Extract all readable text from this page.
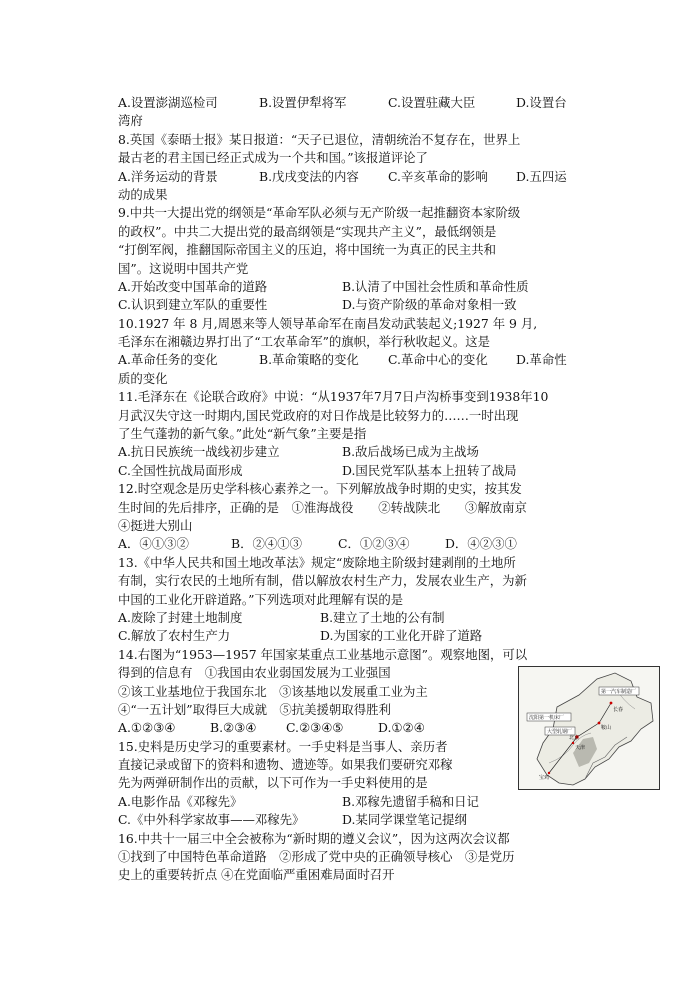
A.设置澎湖巡检司	B.设置伊犁将军	C.设置驻藏大臣	D.设置台
湾府
8.英国《泰晤士报》某日报道：“天子已退位，清朝统治不复存在，世界上
最古老的君主国已经正式成为一个共和国。”该报道评论了
A.洋务运动的背景	B.戊戌变法的内容 C.辛亥革命的影响 D.五四运
动的成果
9.中共一大提出党的纲领是“革命军队必须与无产阶级一起推翻资本家阶级
的政权”。中共二大提出党的最高纲领是“实现共产主义”，最低纲领是
“打倒军阀，推翻国际帝国主义的压迫，将中国统一为真正的民主共和
国”。这说明中国共产党
A.开始改变中国革命的道路	B.认清了中国社会性质和革命性质
C.认识到建立军队的重要性	D.与资产阶级的革命对象相一致
10.1927 年 8 月,周恩来等人领导革命军在南昌发动武装起义;1927 年 9 月,
毛泽东在湘赣边界打出了“工农革命军”的旗帜，举行秋收起义。这是
A.革命任务的变化	B.革命策略的变化 C.革命中心的变化 D.革命性
质的变化
11.毛泽东在《论联合政府》中说：“从1937年7月7日卢沟桥事变到1938年10
月武汉失守这一时期内,国民党政府的对日作战是比较努力的……一时出现
了生气蓬勃的新气象。”此处“新气象”主要是指
A.抗日民族统一战线初步建立	B.敌后战场已成为主战场
C.全国性抗战局面形成	D.国民党军队基本上扭转了战局
12.时空观念是历史学科核心素养之一。下列解放战争时期的史实，按其发
生时间的先后排序，正确的是　①淮海战役　　②转战陕北　　③解放南京
④挺进大别山
A．④①③②	B．②④①③	C．①②③④	D．④②③①
13.《中华人民共和国土地改革法》规定“废除地主阶级封建剥削的土地所
有制，实行农民的土地所有制，借以解放农村生产力，发展农业生产，为新
中国的工业化开辟道路。”下列选项对此理解有误的是
A.废除了封建土地制度	B.建立了土地的公有制
C.解放了农村生产力	D.为国家的工业化开辟了道路
14.右图为“1953—1957 年国家某重点工业基地示意图”。观察地图，可以
得到的信息有　①我国由农业弱国发展为工业强国
②该工业基地位于我国东北　③该基地以发展重工业为主
④“一五计划”取得巨大成就　⑤抗美援朝取得胜利
A.①②③④	B.②③④ C.②③④⑤	D.①②④
15.史料是历史学习的重要素材。一手史料是当事人、亲历者
直接记录或留下的资料和遗物、遗迹等。如果我们要研究邓稼
先为两弹研制作出的贡献，以下可作为一手史料使用的是
A.电影作品《邓稼先》	B.邓稼先遗留手稿和日记
C.《中外科学家故事——邓稼先》	D.某同学课堂笔记提纲
16.中共十一届三中全会被称为“新时期的遵义会议”，因为这两次会议都
①找到了中国特色革命道路　②形成了党中央的正确领导核心　③是党历
史上的重要转折点 ④在党面临严重困难局面时召开
第一汽车制造厂
沈阳第一机床厂
长春
大型轧钢厂
鞍山
北京
天津
宝鸡
